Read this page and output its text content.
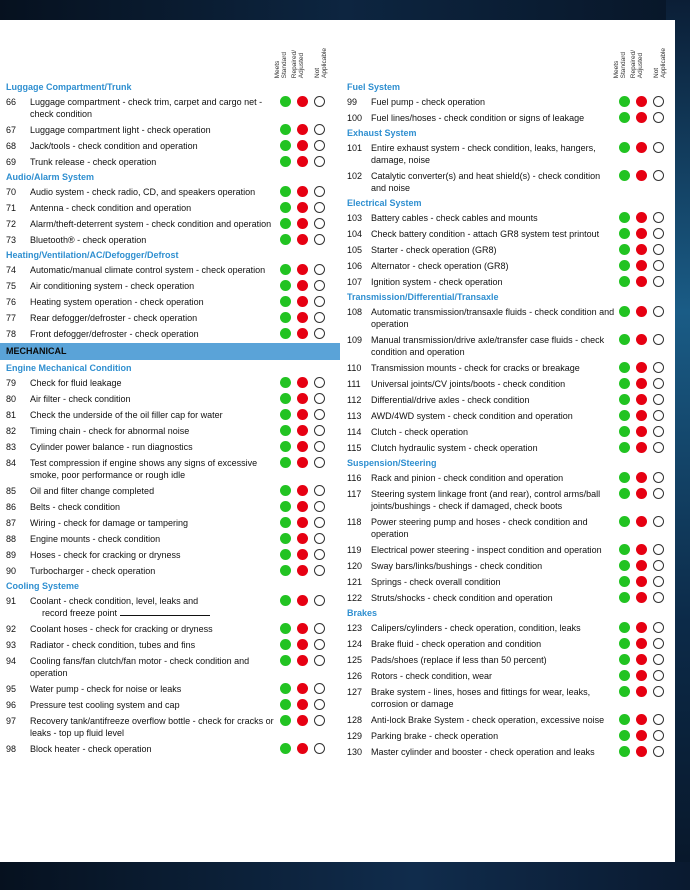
Meets
Standard Repaired/
Adjusted Not
Applicable
Luggage Compartment/Trunk
66	Luggage compartment - check trim, carpet and cargo net - check condition
67	Luggage compartment light - check operation
68	Jack/tools - check condition and operation
69	Trunk release - check operation
Audio/Alarm System
70	Audio system - check radio, CD, and speakers operation
71	Antenna - check condition and operation
72	Alarm/theft-deterrent system - check condition and operation
73	Bluetooth® - check operation
Heating/Ventilation/AC/Defogger/Defrost
74	Automatic/manual climate control system - check operation
75	Air conditioning system - check operation
76	Heating system operation - check operation
77	Rear defogger/defroster - check operation
78	Front defogger/defroster - check operation
MECHANICAL
Engine Mechanical Condition
79	Check for fluid leakage
80	Air filter - check condition
81	Check the underside of the oil filler cap for water
82	Timing chain - check for abnormal noise
83	Cylinder power balance - run diagnostics
84	Test compression if engine shows any signs of excessive smoke, poor performance or rough idle
85	Oil and filter change completed
86	Belts - check condition
87	Wiring - check for damage or tampering
88	Engine mounts - check condition
89	Hoses - check for cracking or dryness
90	Turbocharger - check operation
Cooling Systeme
91	Coolant - check condition, level, leaks and
record freeze point
92	Coolant hoses - check for cracking or dryness
93	Radiator - check condition, tubes and fins
94	Cooling fans/fan clutch/fan motor - check condition and operation
95	Water pump - check for noise or leaks
96	Pressure test cooling system and cap
97	Recovery tank/antifreeze overflow bottle - check for cracks or leaks - top up fluid level
98	Block heater - check operation
Meets
Standard Repaired/
Adjusted Not
Applicable
Fuel System
99	Fuel pump - check operation
100 Fuel lines/hoses - check condition or signs of leakage
Exhaust System
101 Entire exhaust system - check condition, leaks, hangers, damage, noise
102 Catalytic converter(s) and heat shield(s) - check condition and noise
Electrical System
103 Battery cables - check cables and mounts
104 Check battery condition - attach GR8 system test printout
105 Starter - check operation (GR8)
106 Alternator - check operation (GR8)
107 Ignition system - check operation
Transmission/Differential/Transaxle
108 Automatic transmission/transaxle fluids - check condition and operation
109 Manual transmission/drive axle/transfer case fluids - check condition and operation
110	Transmission mounts - check for cracks or breakage
111	Universal joints/CV joints/boots - check condition
112	Differential/drive axles - check condition
113	AWD/4WD system - check condition and operation
114	Clutch - check operation
115	Clutch hydraulic system - check operation
Suspension/Steering
116	Rack and pinion - check condition and operation
117	Steering system linkage front (and rear), control arms/ball joints/bushings - check if damaged, check boots
118	Power steering pump and hoses - check condition and operation
119	Electrical power steering - inspect condition and operation
120 Sway bars/links/bushings - check condition
121 Springs - check overall condition
122 Struts/shocks - check condition and operation
Brakes
123 Calipers/cylinders - check operation, condition, leaks
124 Brake fluid - check operation and condition
125 Pads/shoes (replace if less than 50 percent)
126 Rotors - check condition, wear
127 Brake system - lines, hoses and fittings for wear, leaks, corrosion or damage
128 Anti-lock Brake System - check operation, excessive noise
129 Parking brake - check operation
130 Master cylinder and booster - check operation and leaks
